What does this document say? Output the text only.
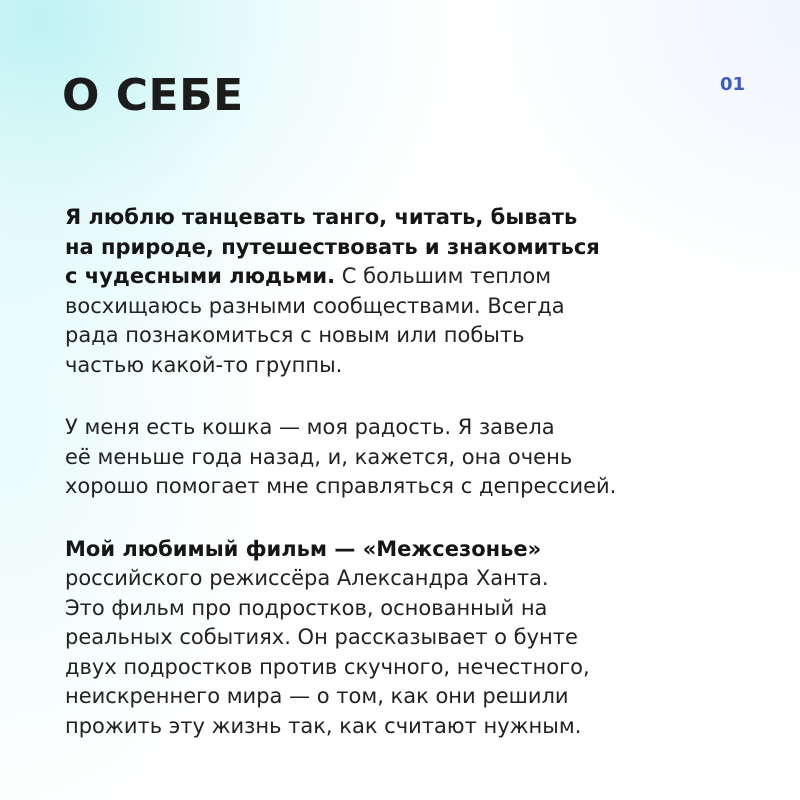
О СЕБЕ	01

Я люблю танцевать танго, читать, бывать
на природе, путешествовать и знакомиться
с чудесными людьми. С большим теплом
восхищаюсь разными сообществами. Всегда
рада познакомиться с новым или побыть
частью какой-то группы.

У меня есть кошка — моя радость. Я завела
её меньше года назад, и, кажется, она очень
хорошо помогает мне справляться с депрессией.

Мой любимый фильм — «Межсезонье»
российского режиссёра Александра Ханта.
Это фильм про подростков, основанный на
реальных событиях. Он рассказывает о бунте
двух подростков против скучного, нечестного,
неискреннего мира — о том, как они решили
прожить эту жизнь так, как считают нужным.
